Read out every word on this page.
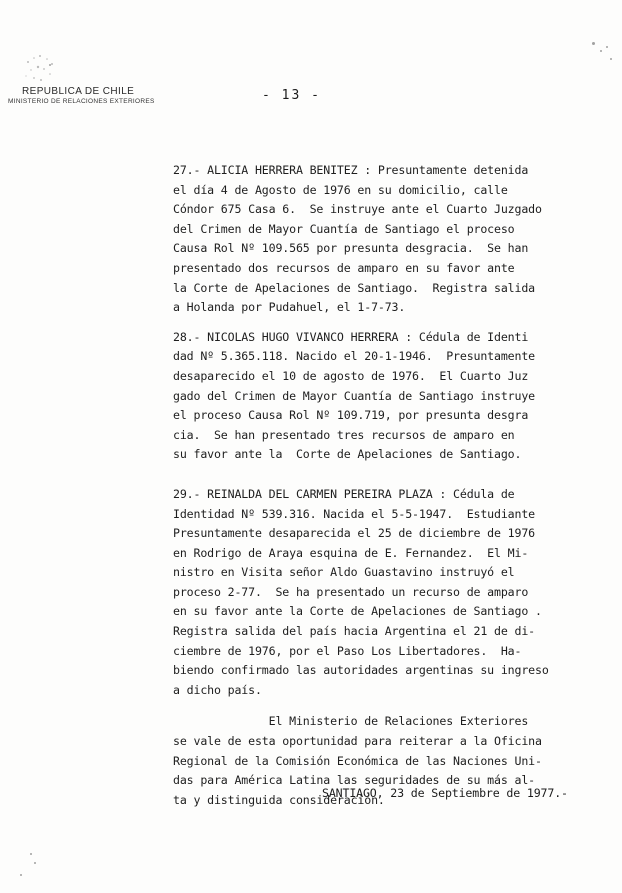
REPUBLICA DE CHILE
MINISTERIO DE RELACIONES EXTERIORES	- 13 -
27.- ALICIA HERRERA BENITEZ : Presuntamente detenida
el día 4 de Agosto de 1976 en su domicilio, calle
Cóndor 675 Casa 6.  Se instruye ante el Cuarto Juzgado
del Crimen de Mayor Cuantía de Santiago el proceso
Causa Rol Nº 109.565 por presunta desgracia.  Se han
presentado dos recursos de amparo en su favor ante
la Corte de Apelaciones de Santiago.  Registra salida
a Holanda por Pudahuel, el 1-7-73.
28.- NICOLAS HUGO VIVANCO HERRERA : Cédula de Identi
dad Nº 5.365.118. Nacido el 20-1-1946.  Presuntamente
desaparecido el 10 de agosto de 1976.  El Cuarto Juz
gado del Crimen de Mayor Cuantía de Santiago instruye
el proceso Causa Rol Nº 109.719, por presunta desgra
cia.  Se han presentado tres recursos de amparo en
su favor ante la  Corte de Apelaciones de Santiago.
29.- REINALDA DEL CARMEN PEREIRA PLAZA : Cédula de
Identidad Nº 539.316. Nacida el 5-5-1947.  Estudiante
Presuntamente desaparecida el 25 de diciembre de 1976
en Rodrigo de Araya esquina de E. Fernandez.  El Mi-
nistro en Visita señor Aldo Guastavino instruyó el
proceso 2-77.  Se ha presentado un recurso de amparo
en su favor ante la Corte de Apelaciones de Santiago .
Registra salida del país hacia Argentina el 21 de di-
ciembre de 1976, por el Paso Los Libertadores.  Ha-
biendo confirmado las autoridades argentinas su ingreso
a dicho país.
El Ministerio de Relaciones Exteriores
se vale de esta oportunidad para reiterar a la Oficina
Regional de la Comisión Económica de las Naciones Uni-
das para América Latina las seguridades de su más al-
ta y distinguida consideración.
SANTIAGO, 23 de Septiembre de 1977.-
